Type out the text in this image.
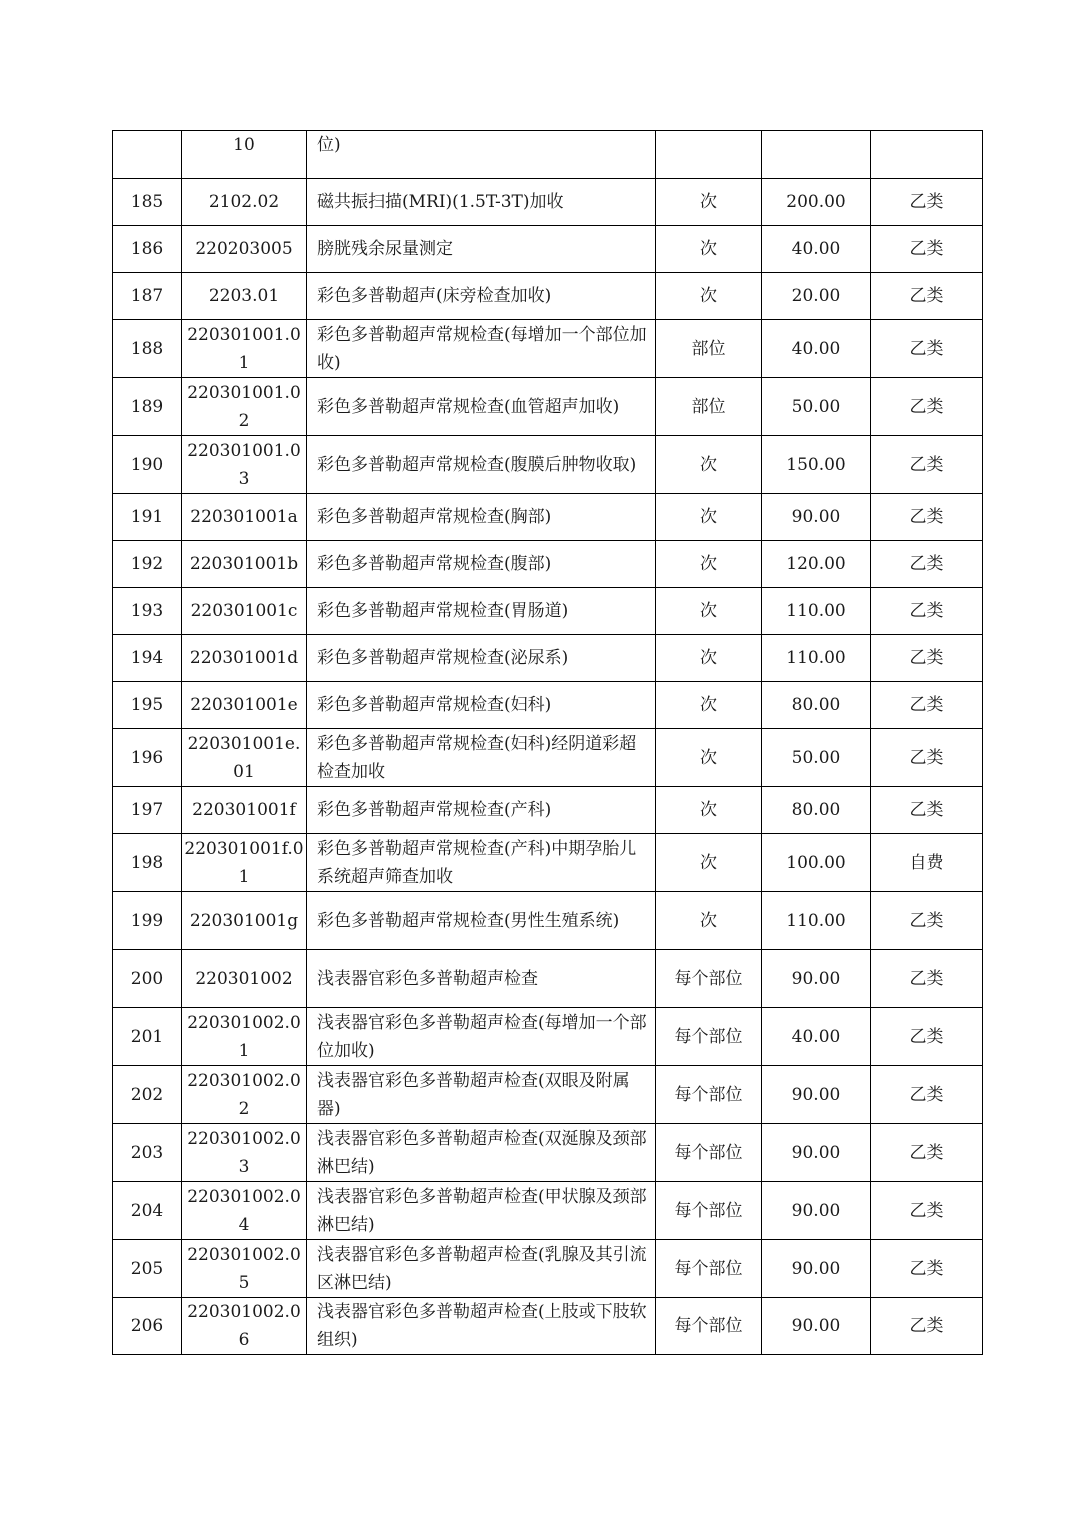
	10	位)			
185	2102.02	磁共振扫描(MRI)(1.5T-3T)加收	次	200.00	乙类
186	220203005	膀胱残余尿量测定	次	40.00	乙类
187	2203.01	彩色多普勒超声(床旁检查加收)	次	20.00	乙类
188	220301001.01	彩色多普勒超声常规检查(每增加一个部位加收)	部位	40.00	乙类
189	220301001.02	彩色多普勒超声常规检查(血管超声加收)	部位	50.00	乙类
190	220301001.03	彩色多普勒超声常规检查(腹膜后肿物收取)	次	150.00	乙类
191	220301001a	彩色多普勒超声常规检查(胸部)	次	90.00	乙类
192	220301001b	彩色多普勒超声常规检查(腹部)	次	120.00	乙类
193	220301001c	彩色多普勒超声常规检查(胃肠道)	次	110.00	乙类
194	220301001d	彩色多普勒超声常规检查(泌尿系)	次	110.00	乙类
195	220301001e	彩色多普勒超声常规检查(妇科)	次	80.00	乙类
196	220301001e.01	彩色多普勒超声常规检查(妇科)经阴道彩超检查加收	次	50.00	乙类
197	220301001f	彩色多普勒超声常规检查(产科)	次	80.00	乙类
198	220301001f.01	彩色多普勒超声常规检查(产科)中期孕胎儿系统超声筛查加收	次	100.00	自费
199	220301001g	彩色多普勒超声常规检查(男性生殖系统)	次	110.00	乙类
200	220301002	浅表器官彩色多普勒超声检查	每个部位	90.00	乙类
201	220301002.01	浅表器官彩色多普勒超声检查(每增加一个部位加收)	每个部位	40.00	乙类
202	220301002.02	浅表器官彩色多普勒超声检查(双眼及附属器)	每个部位	90.00	乙类
203	220301002.03	浅表器官彩色多普勒超声检查(双涎腺及颈部淋巴结)	每个部位	90.00	乙类
204	220301002.04	浅表器官彩色多普勒超声检查(甲状腺及颈部淋巴结)	每个部位	90.00	乙类
205	220301002.05	浅表器官彩色多普勒超声检查(乳腺及其引流区淋巴结)	每个部位	90.00	乙类
206	220301002.06	浅表器官彩色多普勒超声检查(上肢或下肢软组织)	每个部位	90.00	乙类
